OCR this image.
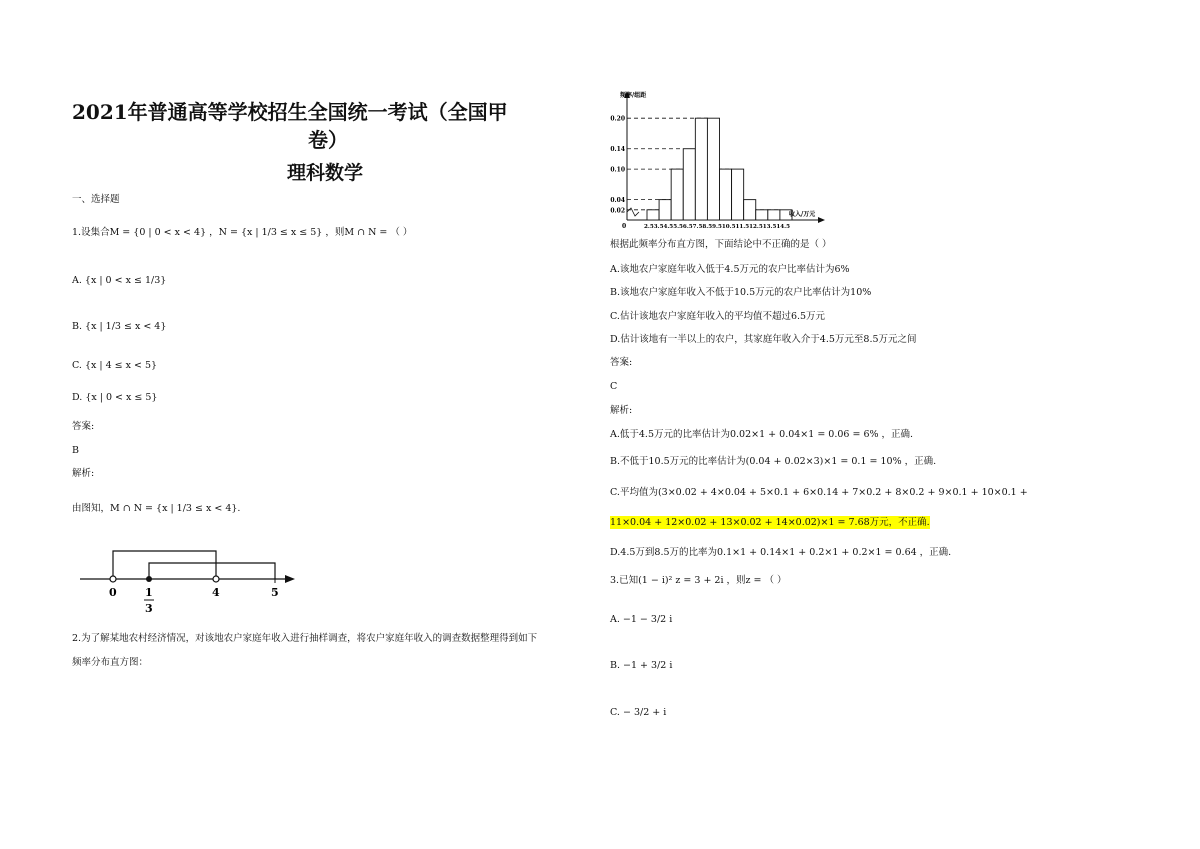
2021年普通高等学校招生全国统一考试（全国甲
卷）
理科数学
一、选择题
1.设集合M = {0 | 0 < x < 4} ，N = {x | 1/3 ≤ x ≤ 5} ，则M ∩ N = （ ）
A. {x | 0 < x ≤ 1/3}
B. {x | 1/3 ≤ x < 4}
C. {x | 4 ≤ x < 5}
D. {x | 0 < x ≤ 5}
答案:
B
解析:
由图知，M ∩ N = {x | 1/3 ≤ x < 4}.
0	1
3
4	5
2.为了解某地农村经济情况，对该地农户家庭年收入进行抽样调查，将农户家庭年收入的调查数据整理得到如下
频率分布直方图：
0.02
0.04
0.10
0.14
0.20
2.53.54.55.56.57.58.59.510.511.512.513.514.5
0
频率/组距
收入/万元
根据此频率分布直方图，下面结论中不正确的是（ ）
A.该地农户家庭年收入低于4.5万元的农户比率估计为6%
B.该地农户家庭年收入不低于10.5万元的农户比率估计为10%
C.估计该地农户家庭年收入的平均值不超过6.5万元
D.估计该地有一半以上的农户，其家庭年收入介于4.5万元至8.5万元之间
答案:
C
解析:
A.低于4.5万元的比率估计为0.02×1 + 0.04×1 = 0.06 = 6% ，正确.
B.不低于10.5万元的比率估计为(0.04 + 0.02×3)×1 = 0.1 = 10% ，正确.
C.平均值为(3×0.02 + 4×0.04 + 5×0.1 + 6×0.14 + 7×0.2 + 8×0.2 + 9×0.1 + 10×0.1 +
11×0.04 + 12×0.02 + 13×0.02 + 14×0.02)×1 = 7.68万元，不正确.
D.4.5万到8.5万的比率为0.1×1 + 0.14×1 + 0.2×1 + 0.2×1 = 0.64 ，正确.
3.已知(1 − i)² z = 3 + 2i ，则z = （ ）
A. −1 − 3/2 i
B. −1 + 3/2 i
C. − 3/2 + i
